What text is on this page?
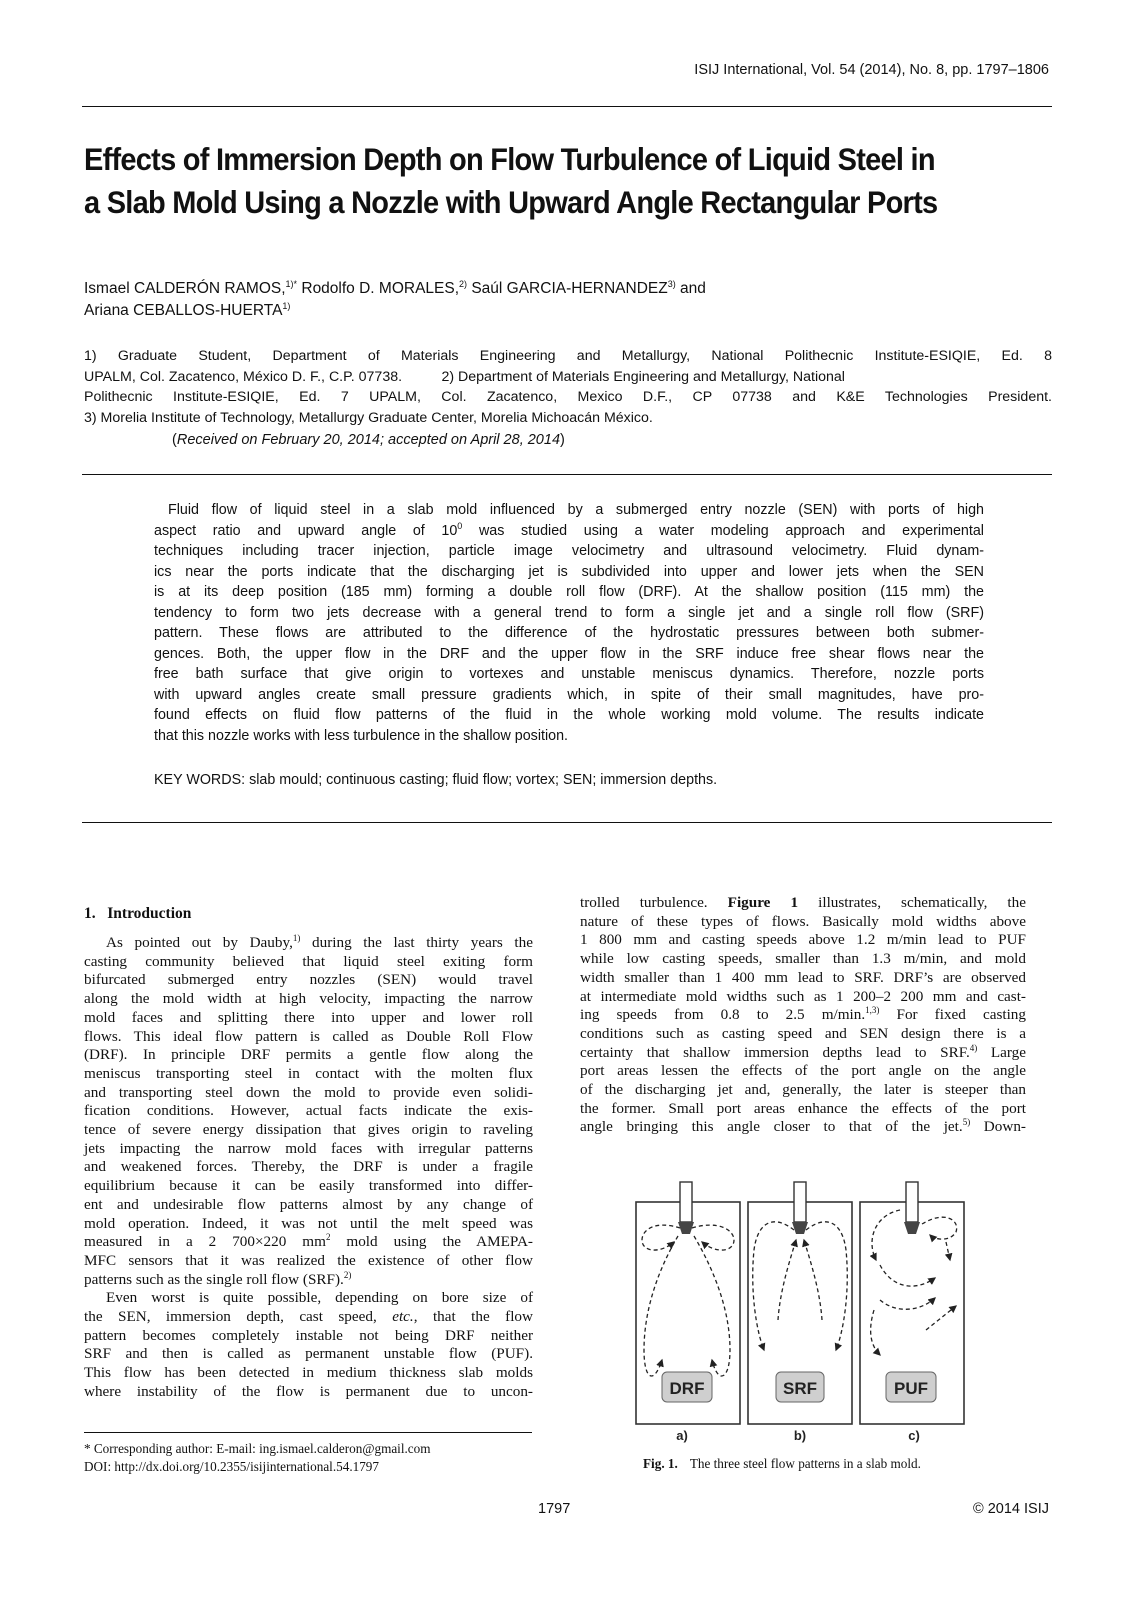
ISIJ International, Vol. 54 (2014), No. 8, pp. 1797–1806
Effects of Immersion Depth on Flow Turbulence of Liquid Steel in
a Slab Mold Using a Nozzle with Upward Angle Rectangular Ports
Ismael CALDERÓN RAMOS,$^{1)*}$ Rodolfo D. MORALES,$^{2)}$ Saúl GARCIA-HERNANDEZ$^{3)}$ and
Ariana CEBALLOS-HUERTA$^{1)}$
1) Graduate Student, Department of Materials Engineering and Metallurgy, National Polithecnic Institute-ESIQIE, Ed. 8
UPALM, Col. Zacatenco, México D. F., C.P. 07738.          2) Department of Materials Engineering and Metallurgy, National
Polithecnic Institute-ESIQIE, Ed. 7 UPALM, Col. Zacatenco, Mexico D.F., CP 07738 and K&E Technologies President.
3) Morelia Institute of Technology, Metallurgy Graduate Center, Morelia Michoacán México.
(Received on February 20, 2014; accepted on April 28, 2014)
Fluid flow of liquid steel in a slab mold influenced by a submerged entry nozzle (SEN) with ports of high
aspect ratio and upward angle of $10^0$ was studied using a water modeling approach and experimental
techniques including tracer injection, particle image velocimetry and ultrasound velocimetry. Fluid dynam-
ics near the ports indicate that the discharging jet is subdivided into upper and lower jets when the SEN
is at its deep position (185 mm) forming a double roll flow (DRF). At the shallow position (115 mm) the
tendency to form two jets decrease with a general trend to form a single jet and a single roll flow (SRF)
pattern. These flows are attributed to the difference of the hydrostatic pressures between both submer-
gences. Both, the upper flow in the DRF and the upper flow in the SRF induce free shear flows near the
free bath surface that give origin to vortexes and unstable meniscus dynamics. Therefore, nozzle ports
with upward angles create small pressure gradients which, in spite of their small magnitudes, have pro-
found effects on fluid flow patterns of the fluid in the whole working mold volume. The results indicate
that this nozzle works with less turbulence in the shallow position.
KEY WORDS: slab mould; continuous casting; fluid flow; vortex; SEN; immersion depths.
1.   Introduction
As pointed out by Dauby,$^{1)}$ during the last thirty years the
casting community believed that liquid steel exiting form
bifurcated submerged entry nozzles (SEN) would travel
along the mold width at high velocity, impacting the narrow
mold faces and splitting there into upper and lower roll
flows. This ideal flow pattern is called as Double Roll Flow
(DRF). In principle DRF permits a gentle flow along the
meniscus transporting steel in contact with the molten flux
and transporting steel down the mold to provide even solidi-
fication conditions. However, actual facts indicate the exis-
tence of severe energy dissipation that gives origin to raveling
jets impacting the narrow mold faces with irregular patterns
and weakened forces. Thereby, the DRF is under a fragile
equilibrium because it can be easily transformed into differ-
ent and undesirable flow patterns almost by any change of
mold operation. Indeed, it was not until the melt speed was
measured in a 2 700×220 $mm^2$ mold using the AMEPA-
MFC sensors that it was realized the existence of other flow
patterns such as the single roll flow (SRF).$^{2)}$
Even worst is quite possible, depending on bore size of
the SEN, immersion depth, cast speed, etc., that the flow
pattern becomes completely instable not being DRF neither
SRF and then is called as permanent unstable flow (PUF).
This flow has been detected in medium thickness slab molds
where instability of the flow is permanent due to uncon-
trolled turbulence. Figure 1 illustrates, schematically, the
nature of these types of flows. Basically mold widths above
1 800 mm and casting speeds above 1.2 m/min lead to PUF
while low casting speeds, smaller than 1.3 m/min, and mold
width smaller than 1 400 mm lead to SRF. DRF’s are observed
at intermediate mold widths such as 1 200–2 200 mm and cast-
ing speeds from 0.8 to 2.5 m/min.$^{1,3)}$ For fixed casting
conditions such as casting speed and SEN design there is a
certainty that shallow immersion depths lead to SRF.$^{4)}$ Large
port areas lessen the effects of the port angle on the angle
of the discharging jet and, generally, the later is steeper than
the former. Small port areas enhance the effects of the port
angle bringing this angle closer to that of the jet.$^{5)}$ Down-
DRF	SRF	PUF
a)	b)	c)
Fig. 1. The three steel flow patterns in a slab mold.
* Corresponding author: E-mail: ing.ismael.calderon@gmail.com
DOI: http://dx.doi.org/10.2355/isijinternational.54.1797
1797	© 2014 ISIJ
